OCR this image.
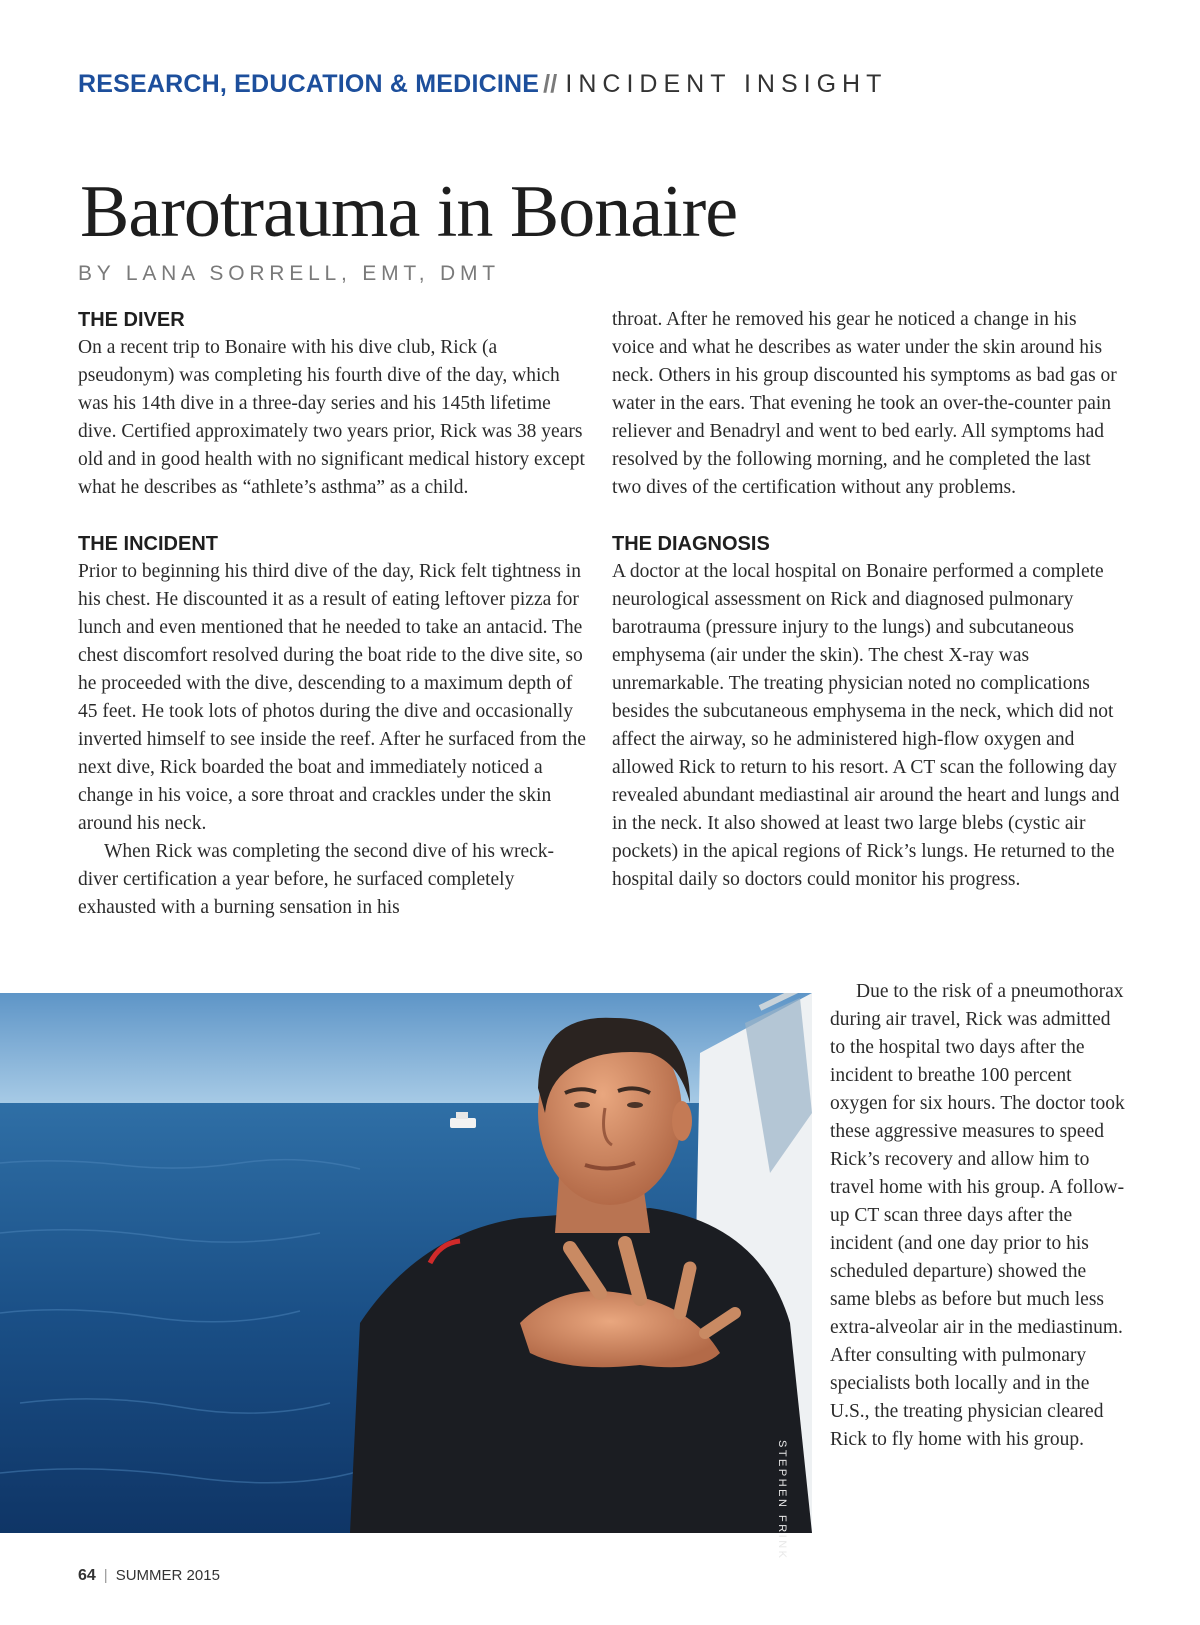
RESEARCH, EDUCATION & MEDICINE // INCIDENT INSIGHT
Barotrauma in Bonaire
BY LANA SORRELL, EMT, DMT
THE DIVER

On a recent trip to Bonaire with his dive club, Rick (a pseudonym) was completing his fourth dive of the day, which was his 14th dive in a three-day series and his 145th lifetime dive. Certified approximately two years prior, Rick was 38 years old and in good health with no significant medical history except what he describes as “athlete’s asthma” as a child.

THE INCIDENT

Prior to beginning his third dive of the day, Rick felt tightness in his chest. He discounted it as a result of eating leftover pizza for lunch and even mentioned that he needed to take an antacid. The chest discomfort resolved during the boat ride to the dive site, so he proceeded with the dive, descending to a maximum depth of 45 feet. He took lots of photos during the dive and occasionally inverted himself to see inside the reef. After he surfaced from the next dive, Rick boarded the boat and immediately noticed a change in his voice, a sore throat and crackles under the skin around his neck.

When Rick was completing the second dive of his wreck-diver certification a year before, he surfaced completely exhausted with a burning sensation in his

throat. After he removed his gear he noticed a change in his voice and what he describes as water under the skin around his neck. Others in his group discounted his symptoms as bad gas or water in the ears. That evening he took an over-the-counter pain reliever and Benadryl and went to bed early. All symptoms had resolved by the following morning, and he completed the last two dives of the certification without any problems.

THE DIAGNOSIS

A doctor at the local hospital on Bonaire performed a complete neurological assessment on Rick and diagnosed pulmonary barotrauma (pressure injury to the lungs) and subcutaneous emphysema (air under the skin). The chest X-ray was unremarkable. The treating physician noted no complications besides the subcutaneous emphysema in the neck, which did not affect the airway, so he administered high-flow oxygen and allowed Rick to return to his resort. A CT scan the following day revealed abundant mediastinal air around the heart and lungs and in the neck. It also showed at least two large blebs (cystic air pockets) in the apical regions of Rick’s lungs. He returned to the hospital daily so doctors could monitor his progress.

Due to the risk of a pneumothorax during air travel, Rick was admitted to the hospital two days after the incident to breathe 100 percent oxygen for six hours. The doctor took these aggressive measures to speed Rick’s recovery and allow him to travel home with his group. A follow-up CT scan three days after the incident (and one day prior to his scheduled departure) showed the same blebs as before but much less extra-alveolar air in the mediastinum. After consulting with pulmonary specialists both locally and in the U.S., the treating physician cleared Rick to fly home with his group.

STEPHEN FRINK
64 | SUMMER 2015
